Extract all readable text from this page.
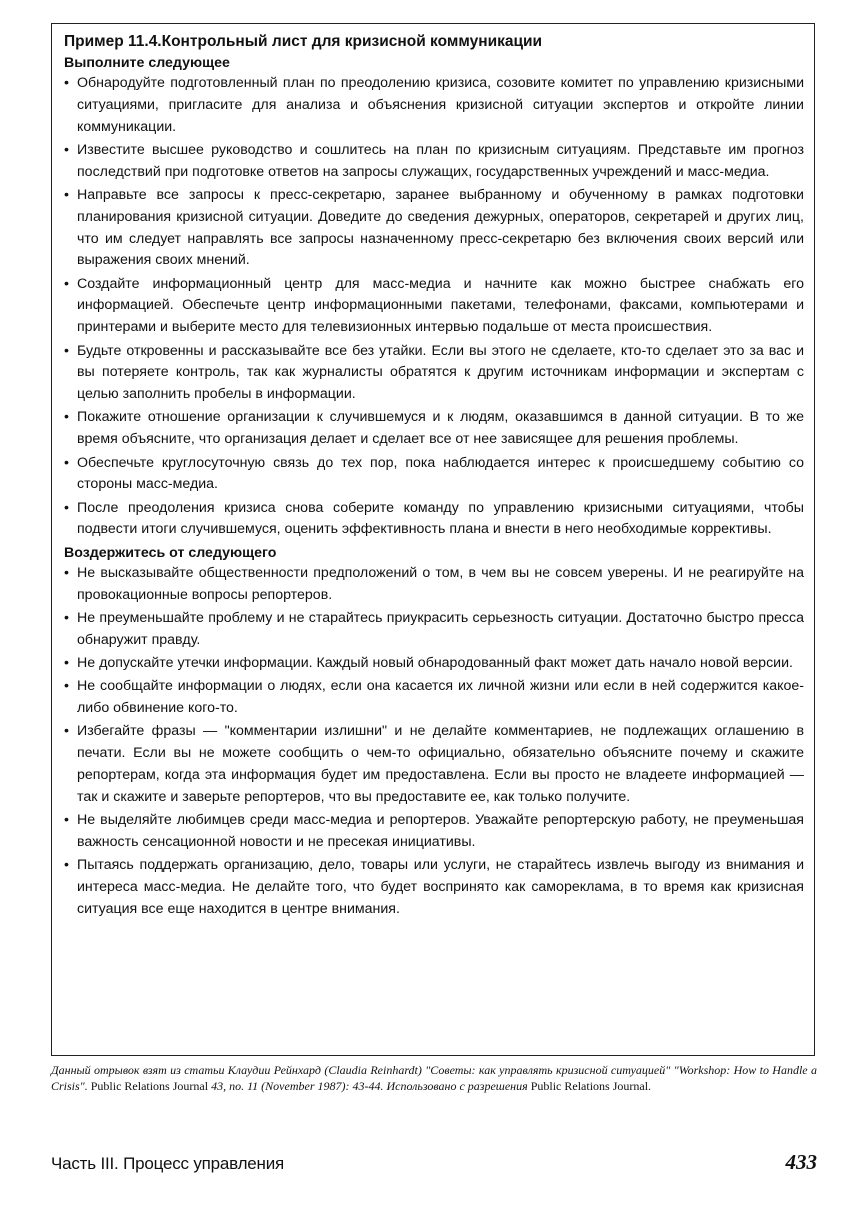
Пример 11.4.Контрольный лист для кризисной коммуникации
Выполните следующее
• Обнародуйте подготовленный план по преодолению кризиса, созовите комитет по управлению кризисными ситуациями, пригласите для анализа и объяснения кризисной ситуации экспертов и откройте линии коммуникации.
• Известите высшее руководство и сошлитесь на план по кризисным ситуациям. Представьте им прогноз последствий при подготовке ответов на запросы служащих, государственных учреждений и масс-медиа.
• Направьте все запросы к пресс-секретарю, заранее выбранному и обученному в рамках подготовки планирования кризисной ситуации. Доведите до сведения дежурных, операторов, секретарей и других лиц, что им следует направлять все запросы назначенному пресс-секретарю без включения своих версий или выражения своих мнений.
• Создайте информационный центр для масс-медиа и начните как можно быстрее снабжать его информацией. Обеспечьте центр информационными пакетами, телефонами, факсами, компьютерами и принтерами и выберите место для телевизионных интервью подальше от места происшествия.
• Будьте откровенны и рассказывайте все без утайки. Если вы этого не сделаете, кто-то сделает это за вас и вы потеряете контроль, так как журналисты обратятся к другим источникам информации и экспертам с целью заполнить пробелы в информации.
• Покажите отношение организации к случившемуся и к людям, оказавшимся в данной ситуации. В то же время объясните, что организация делает и сделает все от нее зависящее для решения проблемы.
• Обеспечьте круглосуточную связь до тех пор, пока наблюдается интерес к происшедшему событию со стороны масс-медиа.
• После преодоления кризиса снова соберите команду по управлению кризисными ситуациями, чтобы подвести итоги случившемуся, оценить эффективность плана и внести в него необходимые коррективы.
Воздержитесь от следующего
• Не высказывайте общественности предположений о том, в чем вы не совсем уверены. И не реагируйте на провокационные вопросы репортеров.
• Не преуменьшайте проблему и не старайтесь приукрасить серьезность ситуации. Достаточно быстро пресса обнаружит правду.
• Не допускайте утечки информации. Каждый новый обнародованный факт может дать начало новой версии.
• Не сообщайте информации о людях, если она касается их личной жизни или если в ней содержится какое-либо обвинение кого-то.
• Избегайте фразы — "комментарии излишни" и не делайте комментариев, не подлежащих оглашению в печати. Если вы не можете сообщить о чем-то официально, обязательно объясните почему и скажите репортерам, когда эта информация будет им предоставлена. Если вы просто не владеете информацией — так и скажите и заверьте репортеров, что вы предоставите ее, как только получите.
• Не выделяйте любимцев среди масс-медиа и репортеров. Уважайте репортерскую работу, не преуменьшая важность сенсационной новости и не пресекая инициативы.
• Пытаясь поддержать организацию, дело, товары или услуги, не старайтесь извлечь выгоду из внимания и интереса масс-медиа. Не делайте того, что будет воспринято как саморекламa, в то время как кризисная ситуация все еще находится в центре внимания.
Данный отрывок взят из статьи Клаудии Рейнхард (Claudia Reinhardt) "Советы: как управлять кризисной ситуацией" "Workshop: How to Handle a Crisis". Public Relations Journal 43, no. 11 (November 1987): 43-44. Использовано с разрешения Public Relations Journal.
Часть III. Процесс управления	433
